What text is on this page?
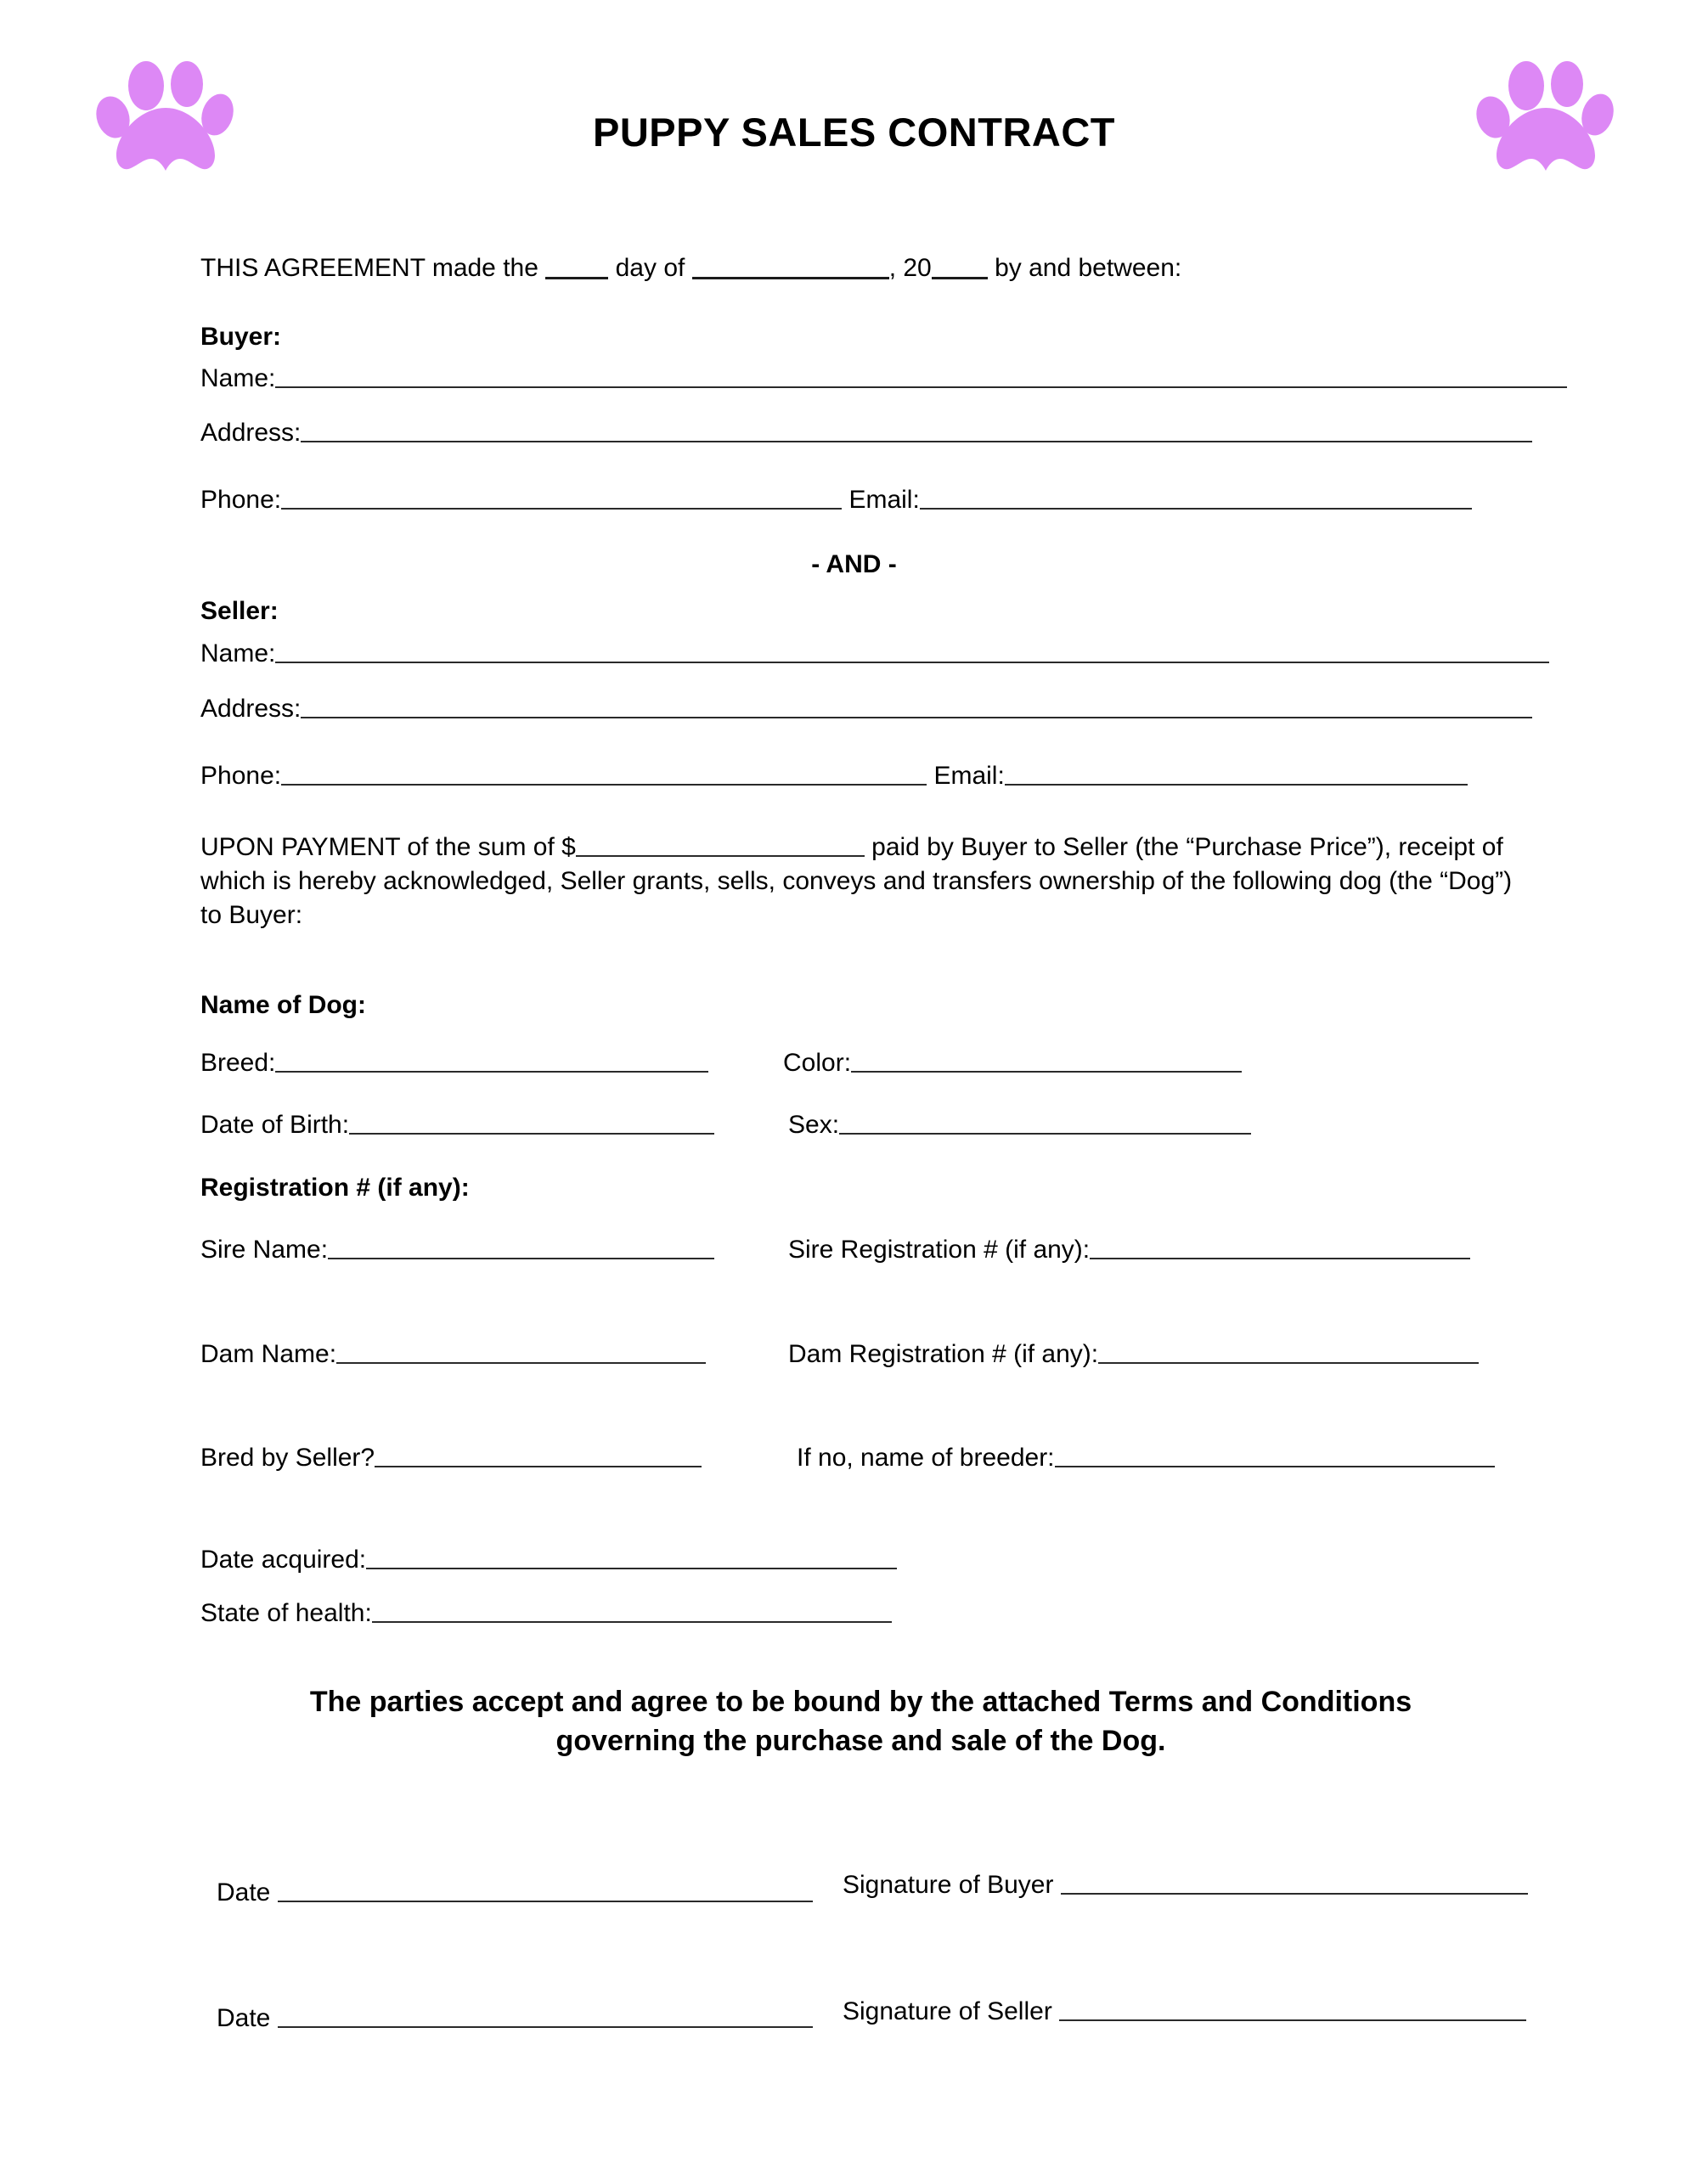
PUPPY SALES CONTRACT
THIS AGREEMENT made the	day of	, 20 by and between:
Buyer:
Name:
Address:
Phone:	Email:
- AND -
Seller:
Name:
Address:
Phone:	Email:
UPON PAYMENT of the sum of $	paid by Buyer to Seller (the “Purchase Price”), receipt of which is hereby acknowledged, Seller grants, sells, conveys and transfers ownership of the following dog (the “Dog”) to Buyer:
Name of Dog:
Breed:	Color:
Date of Birth:	Sex:
Registration # (if any):
Sire Name:	Sire Registration # (if any):
Dam Name:	Dam Registration # (if any):
Bred by Seller?	If no, name of breeder:
Date acquired:
State of health:
The parties accept and agree to be bound by the attached Terms and Conditions
governing the purchase and sale of the Dog.
Date	Signature of Buyer
Date	Signature of Seller
